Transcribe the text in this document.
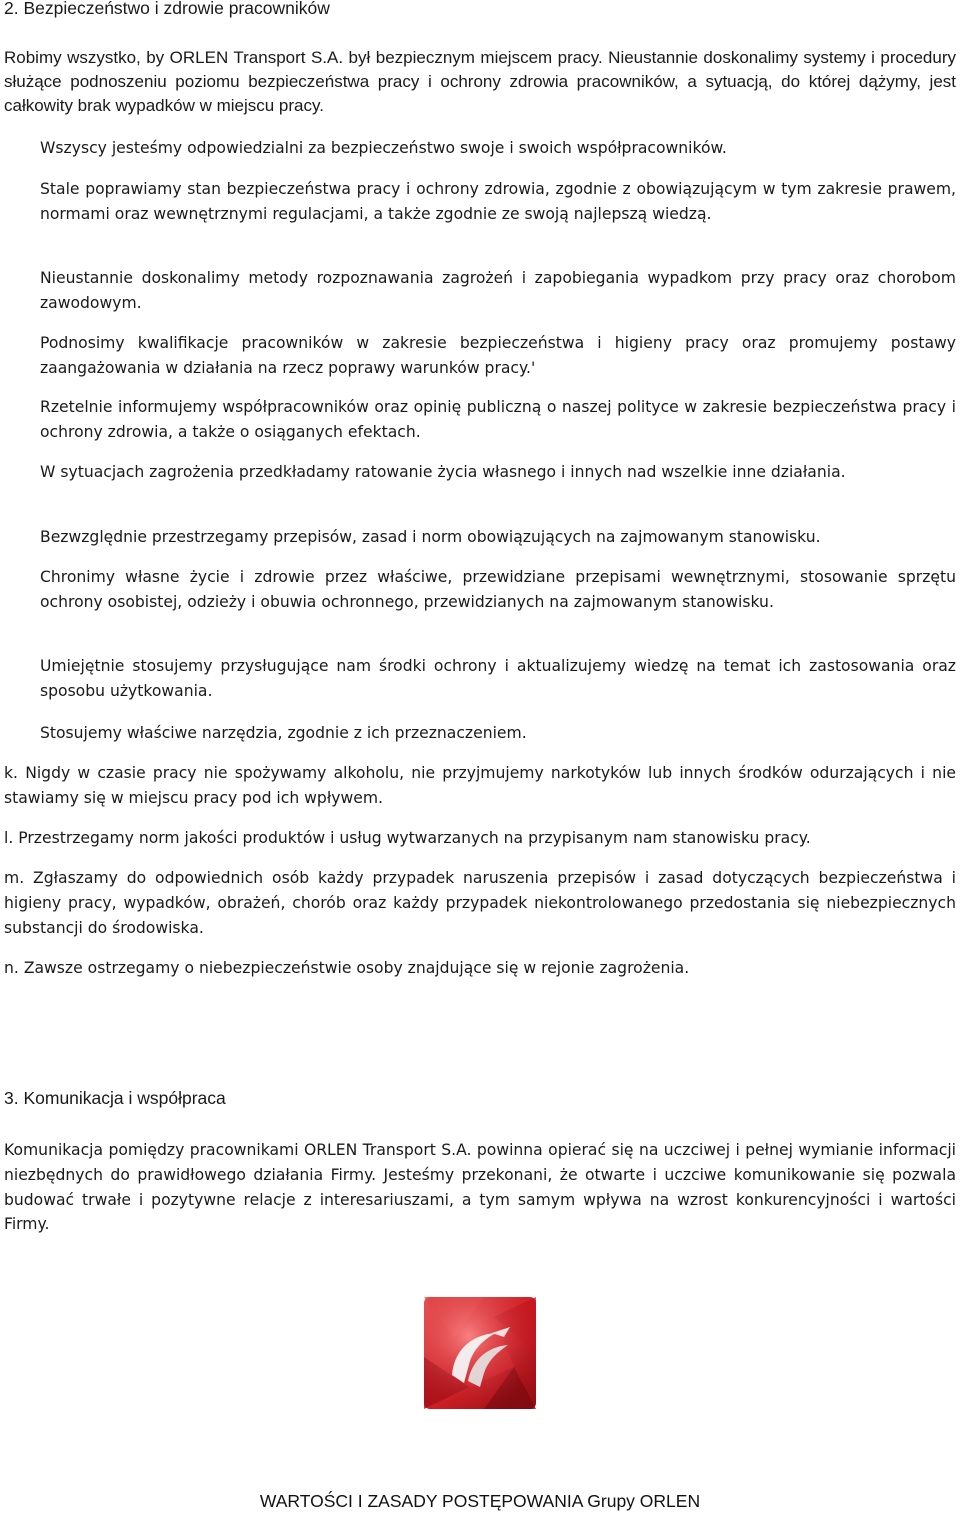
2. Bezpieczeństwo i zdrowie pracowników

Robimy wszystko, by ORLEN Transport S.A. był bezpiecznym miejscem pracy. Nieustannie doskonalimy systemy i procedury służące podnoszeniu poziomu bezpieczeństwa pracy i ochrony zdrowia pracowników, a sytuacją, do której dążymy, jest całkowity brak wypadków w miejscu pracy.

Wszyscy jesteśmy odpowiedzialni za bezpieczeństwo swoje i swoich współpracowników.

Stale poprawiamy stan bezpieczeństwa pracy i ochrony zdrowia, zgodnie z obowiązującym w tym zakresie prawem, normami oraz wewnętrznymi regulacjami, a także zgodnie ze swoją najlepszą wiedzą.

Nieustannie doskonalimy metody rozpoznawania zagrożeń i zapobiegania wypadkom przy pracy oraz chorobom zawodowym.

Podnosimy kwalifikacje pracowników w zakresie bezpieczeństwa i higieny pracy oraz promujemy postawy zaangażowania w działania na rzecz poprawy warunków pracy.'

Rzetelnie informujemy współpracowników oraz opinię publiczną o naszej polityce w zakresie bezpieczeństwa pracy i ochrony zdrowia, a także o osiąganych efektach.

W sytuacjach zagrożenia przedkładamy ratowanie życia własnego i innych nad wszelkie inne działania.

Bezwzględnie przestrzegamy przepisów, zasad i norm obowiązujących na zajmowanym stanowisku.

Chronimy własne życie i zdrowie przez właściwe, przewidziane przepisami wewnętrznymi, stosowanie sprzętu ochrony osobistej, odzieży i obuwia ochronnego, przewidzianych na zajmowanym stanowisku.

Umiejętnie stosujemy przysługujące nam środki ochrony i aktualizujemy wiedzę na temat ich zastosowania oraz sposobu użytkowania.

Stosujemy właściwe narzędzia, zgodnie z ich przeznaczeniem.

k. Nigdy w czasie pracy nie spożywamy alkoholu, nie przyjmujemy narkotyków lub innych środków odurzających i nie stawiamy się w miejscu pracy pod ich wpływem.

l. Przestrzegamy norm jakości produktów i usług wytwarzanych na przypisanym nam stanowisku pracy.

m. Zgłaszamy do odpowiednich osób każdy przypadek naruszenia przepisów i zasad dotyczących bezpieczeństwa i higieny pracy, wypadków, obrażeń, chorób oraz każdy przypadek niekontrolowanego przedostania się niebezpiecznych substancji do środowiska.

n. Zawsze ostrzegamy o niebezpieczeństwie osoby znajdujące się w rejonie zagrożenia.

3. Komunikacja i współpraca

Komunikacja pomiędzy pracownikami ORLEN Transport S.A. powinna opierać się na uczciwej i pełnej wymianie informacji niezbędnych do prawidłowego działania Firmy. Jesteśmy przekonani, że otwarte i uczciwe komunikowanie się pozwala budować trwałe i pozytywne relacje z interesariuszami, a tym samym wpływa na wzrost konkurencyjności i wartości Firmy.

WARTOŚCI I ZASADY POSTĘPOWANIA Grupy ORLEN
